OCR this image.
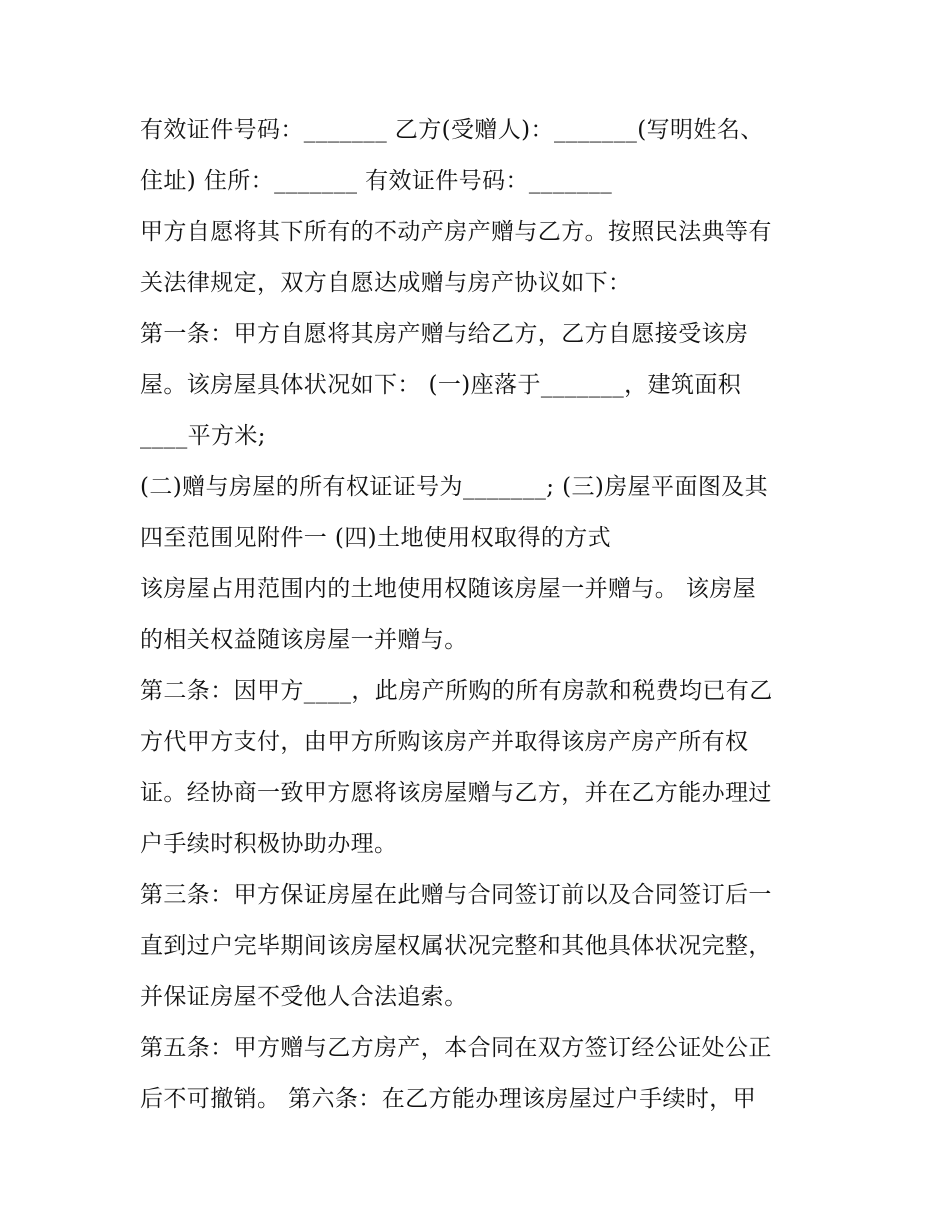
有效证件号码：_______ 乙方(受赠人)：_______(写明姓名、
住址) 住所：_______ 有效证件号码：_______
甲方自愿将其下所有的不动产房产赠与乙方。按照民法典等有
关法律规定，双方自愿达成赠与房产协议如下：
第一条：甲方自愿将其房产赠与给乙方，乙方自愿接受该房
屋。该房屋具体状况如下： (一)座落于_______，建筑面积
____平方米;
(二)赠与房屋的所有权证证号为_______; (三)房屋平面图及其
四至范围见附件一 (四)土地使用权取得的方式
该房屋占用范围内的土地使用权随该房屋一并赠与。 该房屋
的相关权益随该房屋一并赠与。
第二条：因甲方____，此房产所购的所有房款和税费均已有乙
方代甲方支付，由甲方所购该房产并取得该房产房产所有权
证。经协商一致甲方愿将该房屋赠与乙方，并在乙方能办理过
户手续时积极协助办理。
第三条：甲方保证房屋在此赠与合同签订前以及合同签订后一
直到过户完毕期间该房屋权属状况完整和其他具体状况完整，
并保证房屋不受他人合法追索。
第五条：甲方赠与乙方房产，本合同在双方签订经公证处公正
后不可撤销。 第六条：在乙方能办理该房屋过户手续时，甲
